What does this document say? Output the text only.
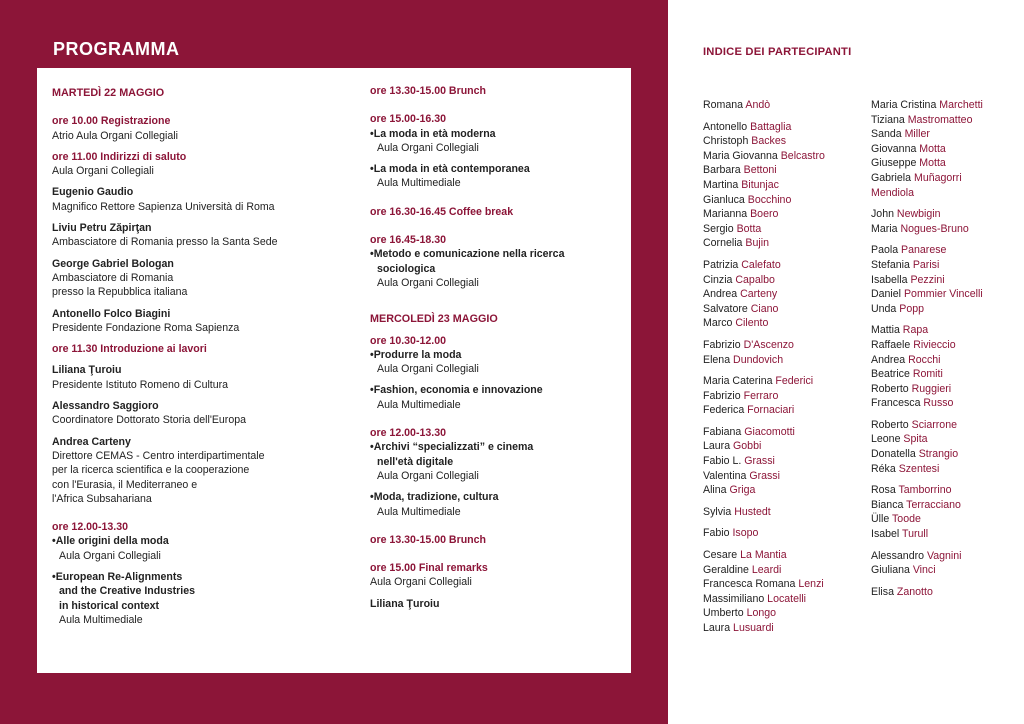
PROGRAMMA
MARTEDÌ 22 MAGGIO
ore 10.00 Registrazione
Atrio Aula Organi Collegiali
ore 11.00 Indirizzi di saluto
Aula Organi Collegiali
Eugenio Gaudio
Magnifico Rettore Sapienza Università di Roma
Liviu Petru Zăpirţan
Ambasciatore di Romania presso la Santa Sede
George Gabriel Bologan
Ambasciatore di Romania
presso la Repubblica italiana
Antonello Folco Biagini
Presidente Fondazione Roma Sapienza
ore 11.30 Introduzione ai lavori
Liliana Ţuroiu
Presidente Istituto Romeno di Cultura
Alessandro Saggioro
Coordinatore Dottorato Storia dell'Europa
Andrea Carteny
Direttore CEMAS - Centro interdipartimentale
per la ricerca scientifica e la cooperazione
con l'Eurasia, il Mediterraneo e
l'Africa Subsahariana
ore 12.00-13.30
• Alle origini della moda
Aula Organi Collegiali
• European Re-Alignments
and the Creative Industries
in historical context
Aula Multimediale
ore 13.30-15.00 Brunch
ore 15.00-16.30
• La moda in età moderna
Aula Organi Collegiali
• La moda in età contemporanea
Aula Multimediale
ore 16.30-16.45 Coffee break
ore 16.45-18.30
• Metodo e comunicazione nella ricerca
sociologica
Aula Organi Collegiali
MERCOLEDÌ 23 MAGGIO
ore 10.30-12.00
• Produrre la moda
Aula Organi Collegiali
• Fashion, economia e innovazione
Aula Multimediale
ore 12.00-13.30
• Archivi “specializzati” e cinema
nell'età digitale
Aula Organi Collegiali
• Moda, tradizione, cultura
Aula Multimediale
ore 13.30-15.00 Brunch
ore 15.00 Final remarks
Aula Organi Collegiali
Liliana Ţuroiu
INDICE DEI PARTECIPANTI
Romana Andò
Antonello Battaglia
Christoph Backes
Maria Giovanna Belcastro
Barbara Bettoni
Martina Bitunjac
Gianluca Bocchino
Marianna Boero
Sergio Botta
Cornelia Bujin
Patrizia Calefato
Cinzia Capalbo
Andrea Carteny
Salvatore Ciano
Marco Cilento
Fabrizio D'Ascenzo
Elena Dundovich
Maria Caterina Federici
Fabrizio Ferraro
Federica Fornaciari
Fabiana Giacomotti
Laura Gobbi
Fabio L. Grassi
Valentina Grassi
Alina Griga
Sylvia Hustedt
Fabio Isopo
Cesare La Mantia
Geraldine Leardi
Francesca Romana Lenzi
Massimiliano Locatelli
Umberto Longo
Laura Lusuardi
Maria Cristina Marchetti
Tiziana Mastromatteo
Sanda Miller
Giovanna Motta
Giuseppe Motta
Gabriela Muñagorri
Mendiola
John Newbigin
Maria Nogues-Bruno
Paola Panarese
Stefania Parisi
Isabella Pezzini
Daniel Pommier Vincelli
Unda Popp
Mattia Rapa
Raffaele Rivieccio
Andrea Rocchi
Beatrice Romiti
Roberto Ruggieri
Francesca Russo
Roberto Sciarrone
Leone Spita
Donatella Strangio
Réka Szentesi
Rosa Tamborrino
Bianca Terracciano
Ülle Toode
Isabel Turull
Alessandro Vagnini
Giuliana Vinci
Elisa Zanotto
